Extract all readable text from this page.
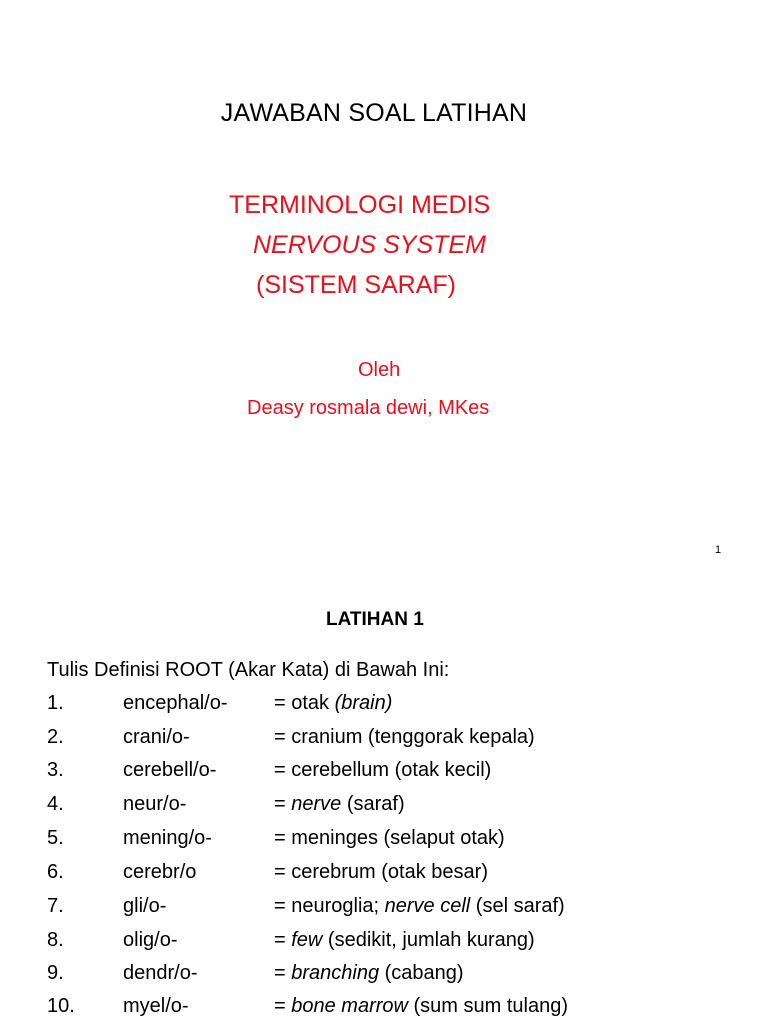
JAWABAN SOAL LATIHAN
TERMINOLOGI MEDIS
NERVOUS SYSTEM
(SISTEM SARAF)
Oleh
Deasy rosmala dewi, MKes
1
LATIHAN 1
Tulis Definisi ROOT (Akar Kata) di Bawah Ini:
1.	encephal/o- = otak (brain)
2.	crani/o-	= cranium (tenggorak kepala)
3.	cerebell/o-	= cerebellum (otak kecil)
4.	neur/o-	= nerve (saraf)
5.	mening/o-	= meninges (selaput otak)
6.	cerebr/o	= cerebrum (otak besar)
7.	gli/o-	= neuroglia; nerve cell (sel saraf)
8.	olig/o-	= few (sedikit, jumlah kurang)
9.	dendr/o-	= branching (cabang)
10. myel/o-	= bone marrow (sum sum tulang)
